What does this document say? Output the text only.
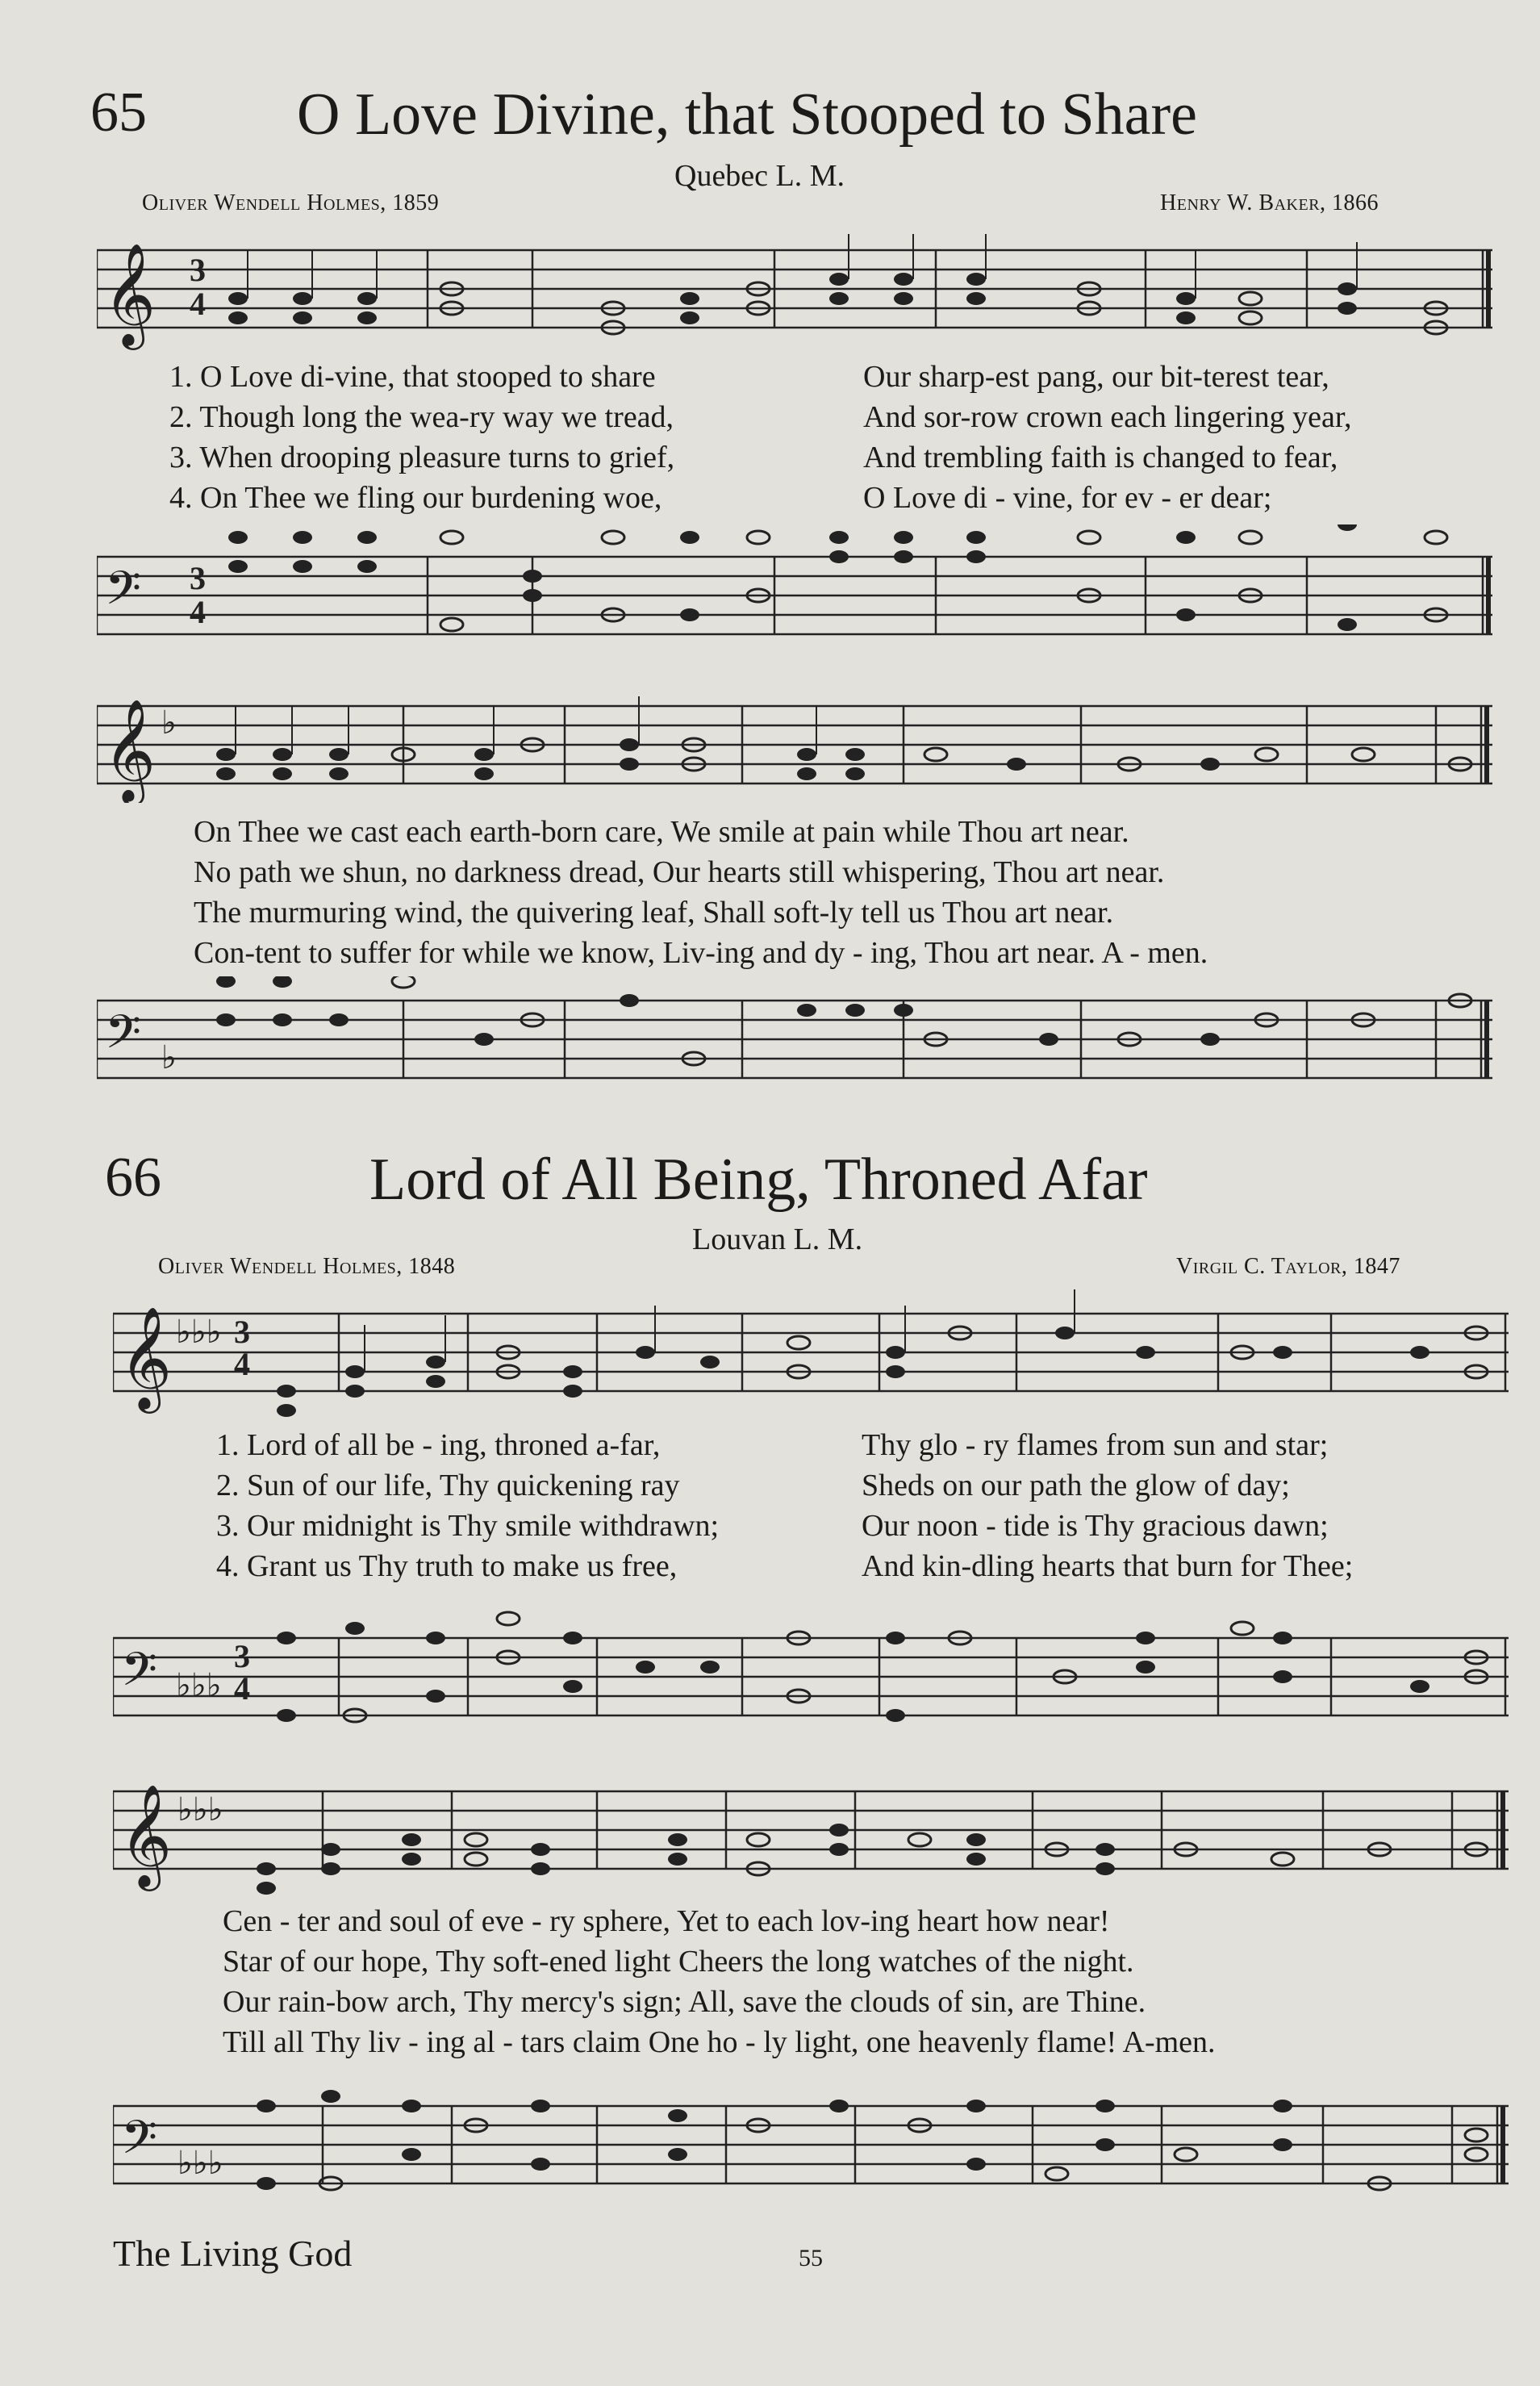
65	O Love Divine, that Stooped to Share
Quebec L. M.
Oliver Wendell Holmes, 1859	Henry W. Baker, 1866
𝄞 3
4
1. O Love di-vine, that stooped to share	Our sharp-est pang, our bit-terest tear,
2. Though long the wea-ry way we tread,	And sor-row crown each lingering year,
3. When drooping pleasure turns to grief,	And trembling faith is changed to fear,
4. On Thee we fling our burdening woe,	O Love di - vine, for ev - er dear;
𝄢 3
4
𝄞 ♭
On Thee we cast each earth-born care, We smile at pain while Thou art near.
No path we shun, no darkness dread, Our hearts still whispering, Thou art near.
The murmuring wind, the quivering leaf, Shall soft-ly tell us Thou art near.
Con-tent to suffer for while we know, Liv-ing and dy - ing, Thou art near. A - men.
𝄢 ♭
66	Lord of All Being, Throned Afar
Louvan L. M.
Oliver Wendell Holmes, 1848	Virgil C. Taylor, 1847
𝄞 ♭♭♭ 3
4
1. Lord of all be - ing, throned a-far,	Thy glo - ry flames from sun and star;
2. Sun of our life, Thy quickening ray	Sheds on our path the glow of day;
3. Our midnight is Thy smile withdrawn;	Our noon - tide is Thy gracious dawn;
4. Grant us Thy truth to make us free,	And kin-dling hearts that burn for Thee;
𝄢 ♭♭♭
3
4
𝄞 ♭♭♭
Cen - ter and soul of eve - ry sphere, Yet to each lov-ing heart how near!
Star of our hope, Thy soft-ened light Cheers the long watches of the night.
Our rain-bow arch, Thy mercy's sign; All, save the clouds of sin, are Thine.
Till all Thy liv - ing al - tars claim One ho - ly light, one heavenly flame! A-men.
𝄢 ♭♭♭
The Living God	55
